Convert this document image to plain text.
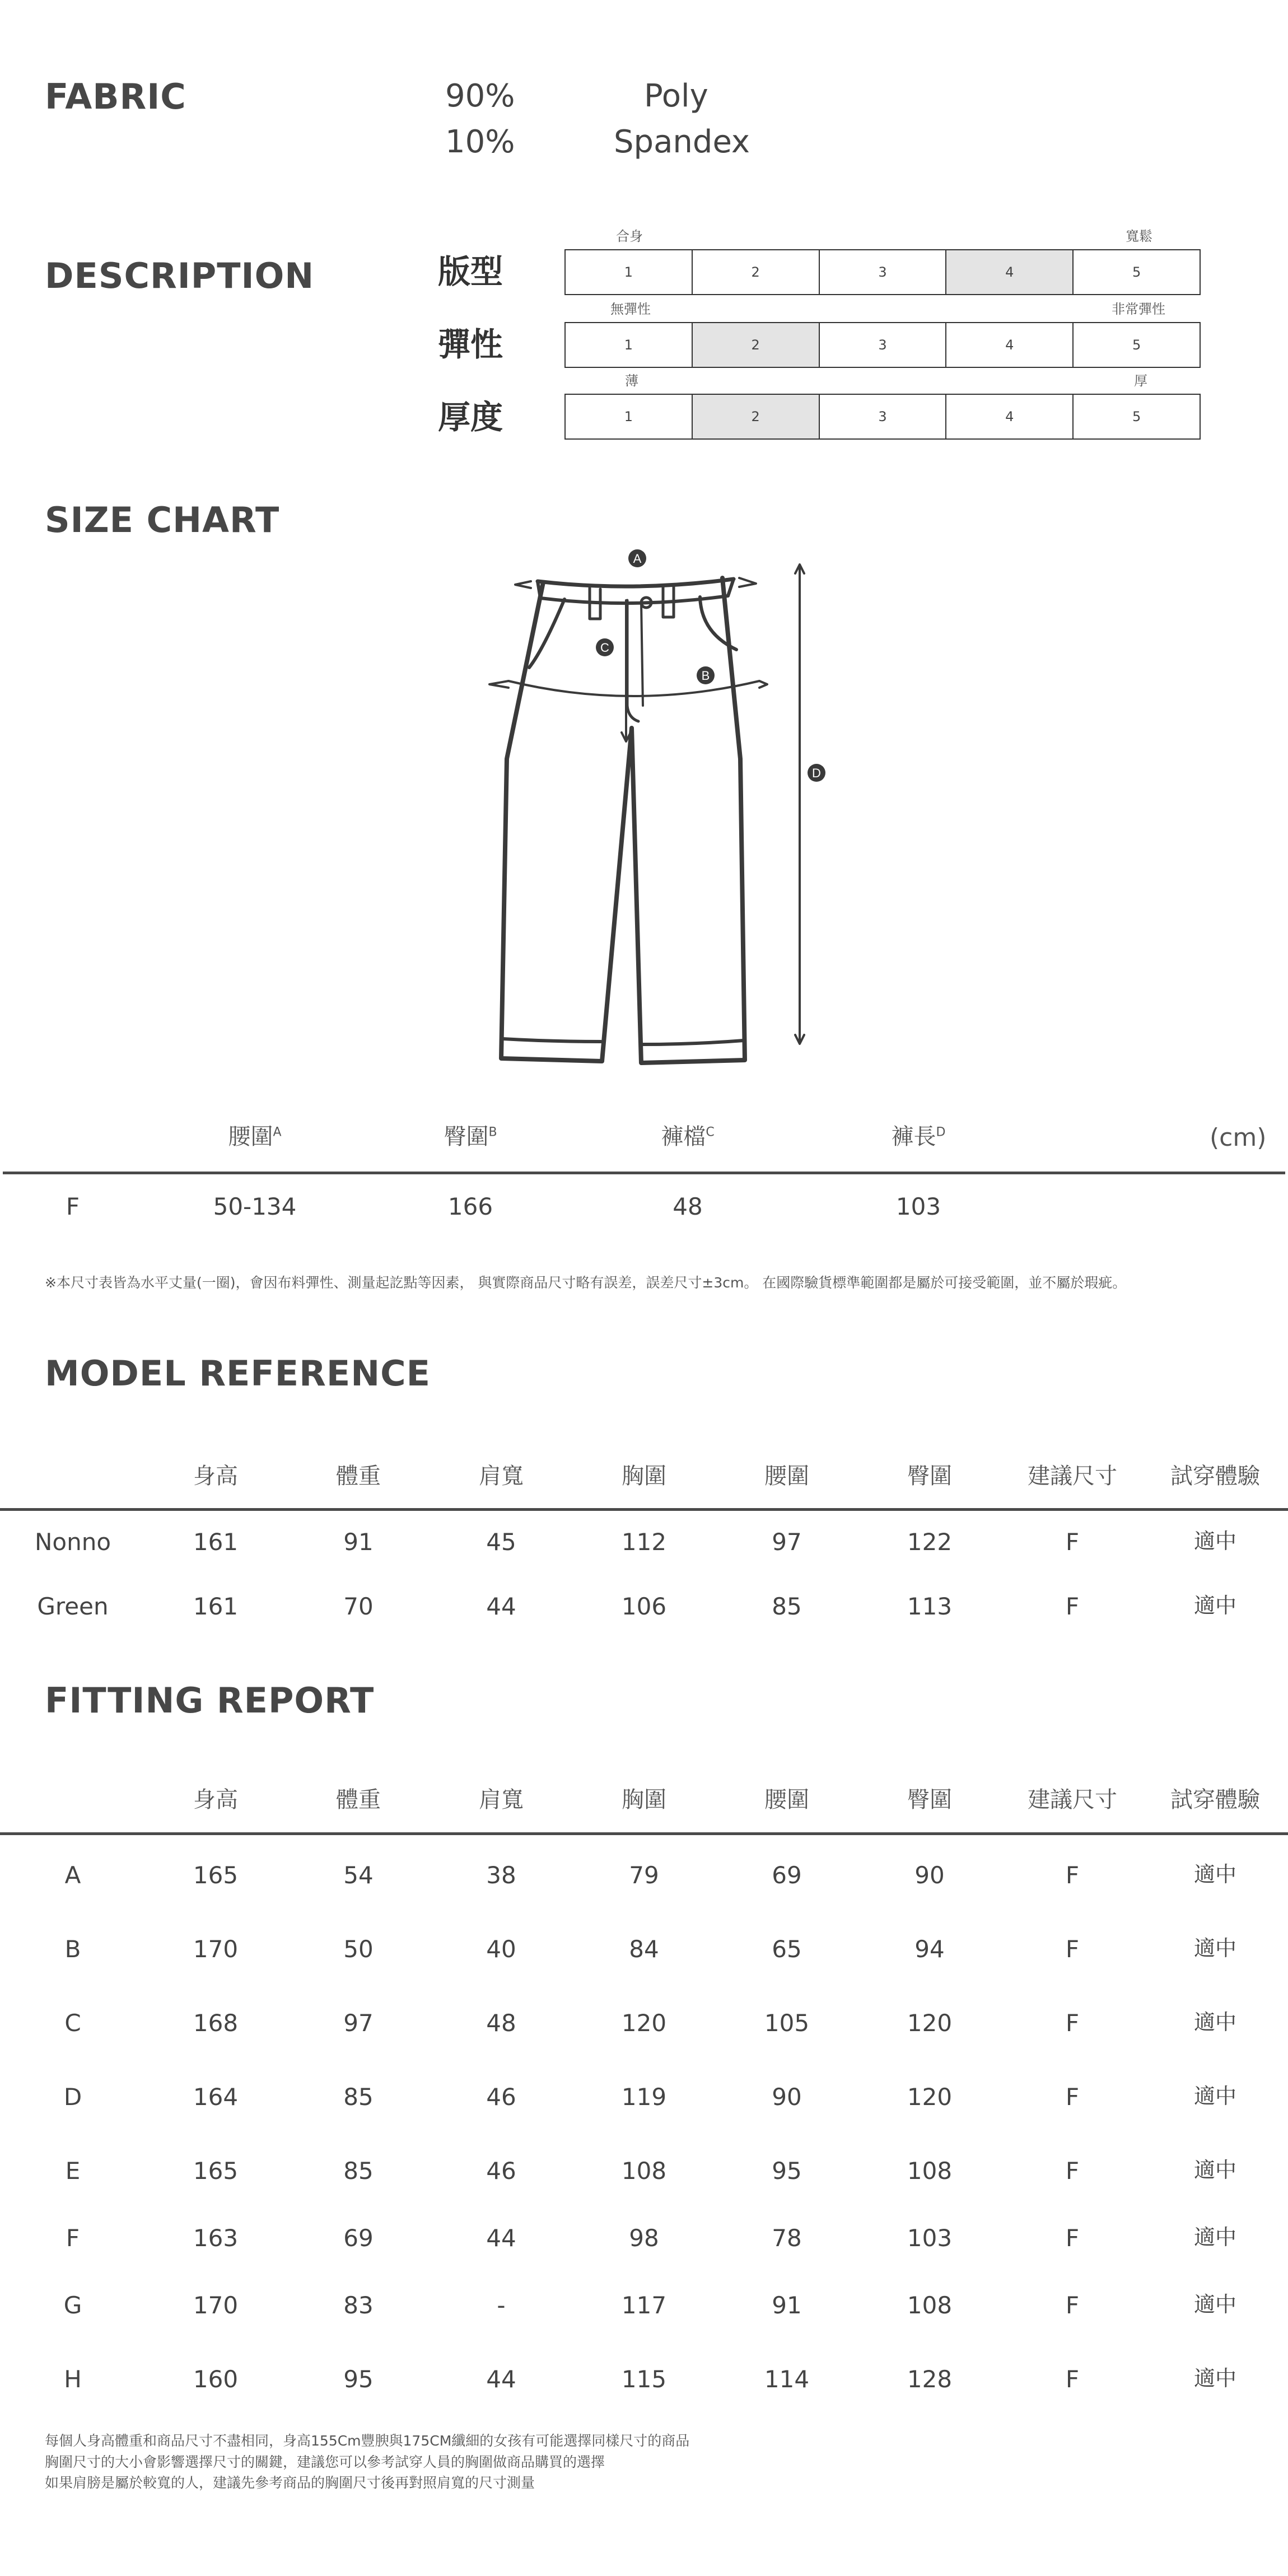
FABRIC	90%	Poly
10%	Spandex
DESCRIPTION
合身	寬鬆
版型	1	2	3	4	5
無彈性	非常彈性
彈性	1	2	3	4	5
薄	厚
厚度	1	2	3	4	5
SIZE CHART
A
B
C
D
腰圍$^A$	臀圍$^B$	褲檔$^C$	褲長$^D$	(cm)
F	50-134	166	48	103
※本尺寸表皆為水平丈量(一圈)，會因布料彈性、測量起訖點等因素， 與實際商品尺寸略有誤差，誤差尺寸±3cm。 在國際驗貨標準範圍都是屬於可接受範圍，並不屬於瑕疵。
MODEL REFERENCE
身高	體重	肩寬	胸圍	腰圍	臀圍	建議尺寸	試穿體驗
Nonno	161	91	45	112	97	122	F	適中
Green	161	70	44	106	85	113	F	適中
FITTING REPORT
身高	體重	肩寬	胸圍	腰圍	臀圍	建議尺寸	試穿體驗
A	165	54	38	79	69	90	F	適中
B	170	50	40	84	65	94	F	適中
C	168	97	48	120	105	120	F	適中
D	164	85	46	119	90	120	F	適中
E	165	85	46	108	95	108	F	適中
F	163	69	44	98	78	103	F	適中
G	170	83	-	117	91	108	F	適中
H	160	95	44	115	114	128	F	適中
每個人身高體重和商品尺寸不盡相同，身高155Cm豐腴與175CM纖細的女孩有可能選擇同樣尺寸的商品
胸圍尺寸的大小會影響選擇尺寸的關鍵，建議您可以參考試穿人員的胸圍做商品購買的選擇
如果肩膀是屬於較寬的人，建議先參考商品的胸圍尺寸後再對照肩寬的尺寸測量
